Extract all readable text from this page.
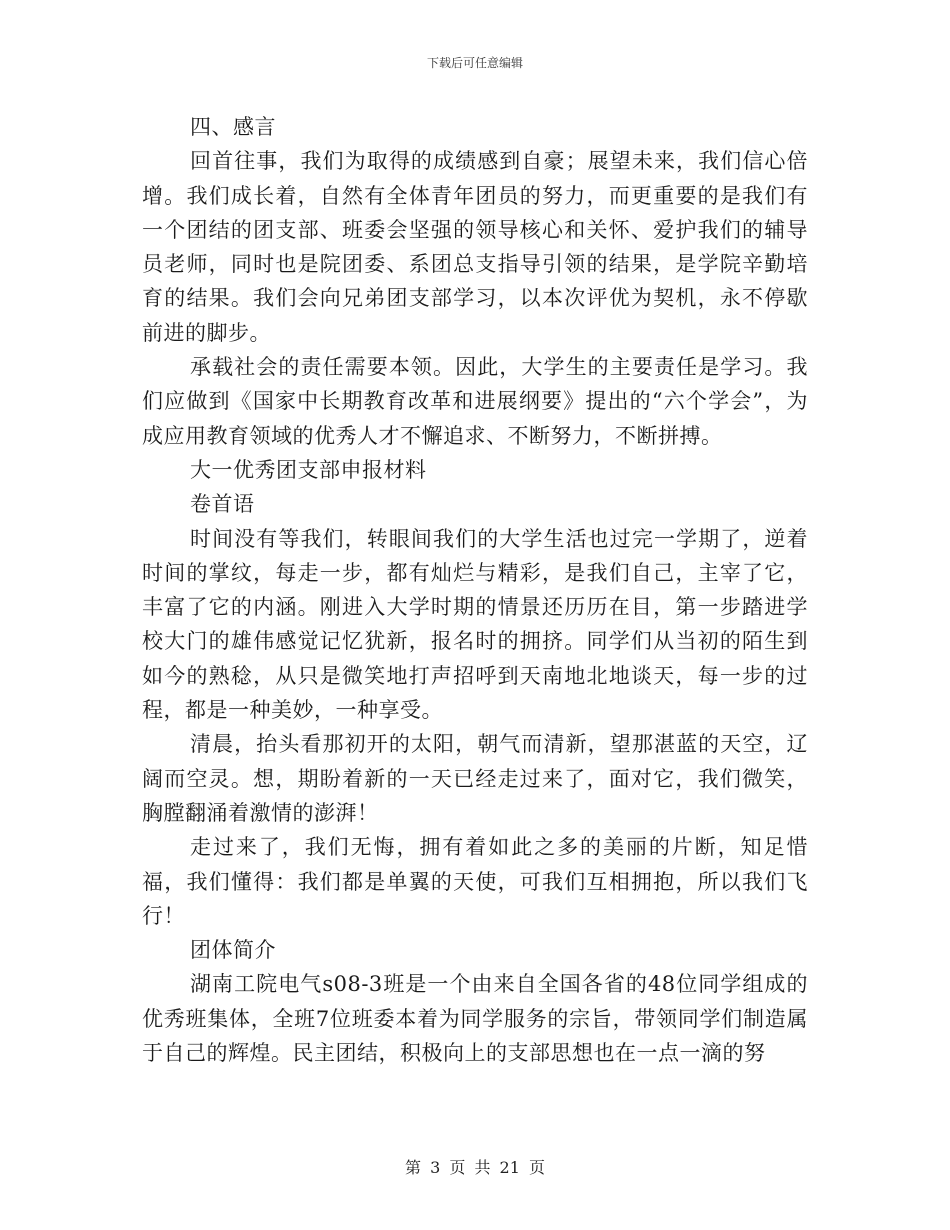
下载后可任意编辑

四、感言

回首往事，我们为取得的成绩感到自豪；展望未来，我们信心倍增。我们成长着，自然有全体青年团员的努力，而更重要的是我们有一个团结的团支部、班委会坚强的领导核心和关怀、爱护我们的辅导员老师，同时也是院团委、系团总支指导引领的结果，是学院辛勤培育的结果。我们会向兄弟团支部学习，以本次评优为契机，永不停歇前进的脚步。

承载社会的责任需要本领。因此，大学生的主要责任是学习。我们应做到《国家中长期教育改革和进展纲要》提出的“六个学会”，为成应用教育领域的优秀人才不懈追求、不断努力，不断拼搏。

大一优秀团支部申报材料

卷首语

时间没有等我们，转眼间我们的大学生活也过完一学期了，逆着时间的掌纹，每走一步，都有灿烂与精彩，是我们自己，主宰了它，丰富了它的内涵。刚进入大学时期的情景还历历在目，第一步踏进学校大门的雄伟感觉记忆犹新，报名时的拥挤。同学们从当初的陌生到如今的熟稔，从只是微笑地打声招呼到天南地北地谈天，每一步的过程，都是一种美妙，一种享受。

清晨，抬头看那初开的太阳，朝气而清新，望那湛蓝的天空，辽阔而空灵。想，期盼着新的一天已经走过来了，面对它，我们微笑，胸膛翻涌着激情的澎湃！

走过来了，我们无悔，拥有着如此之多的美丽的片断，知足惜福，我们懂得：我们都是单翼的天使，可我们互相拥抱，所以我们飞行！

团体简介

湖南工院电气s08-3班是一个由来自全国各省的48位同学组成的优秀班集体，全班7位班委本着为同学服务的宗旨，带领同学们制造属于自己的辉煌。民主团结，积极向上的支部思想也在一点一滴的努

第 3 页 共 21 页
